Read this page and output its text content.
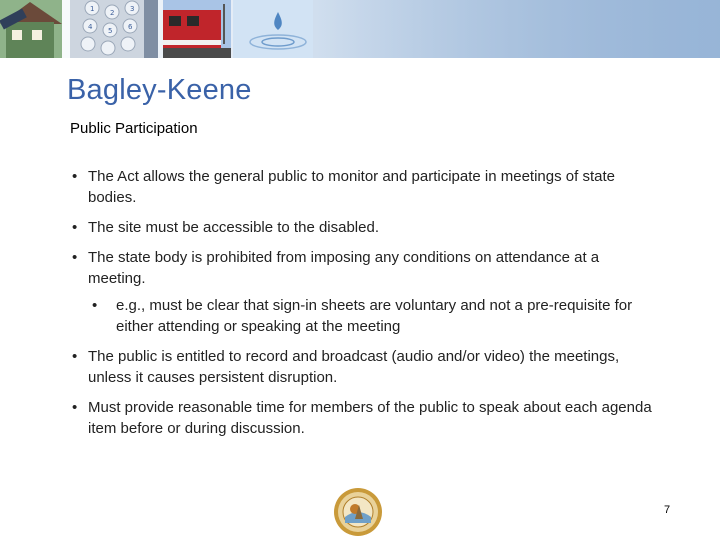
1 2 3
4 5 6
Bagley-Keene
Public Participation
• The Act allows the general public to monitor and participate in meetings of state bodies.
• The site must be accessible to the disabled.
• The state body is prohibited from imposing any conditions on attendance at a meeting.
• e.g., must be clear that sign-in sheets are voluntary and not a pre-requisite for either attending or speaking at the meeting
• The public is entitled to record and broadcast (audio and/or video) the meetings, unless it causes persistent disruption.
• Must provide reasonable time for members of the public to speak about each agenda item before or during discussion.
7
